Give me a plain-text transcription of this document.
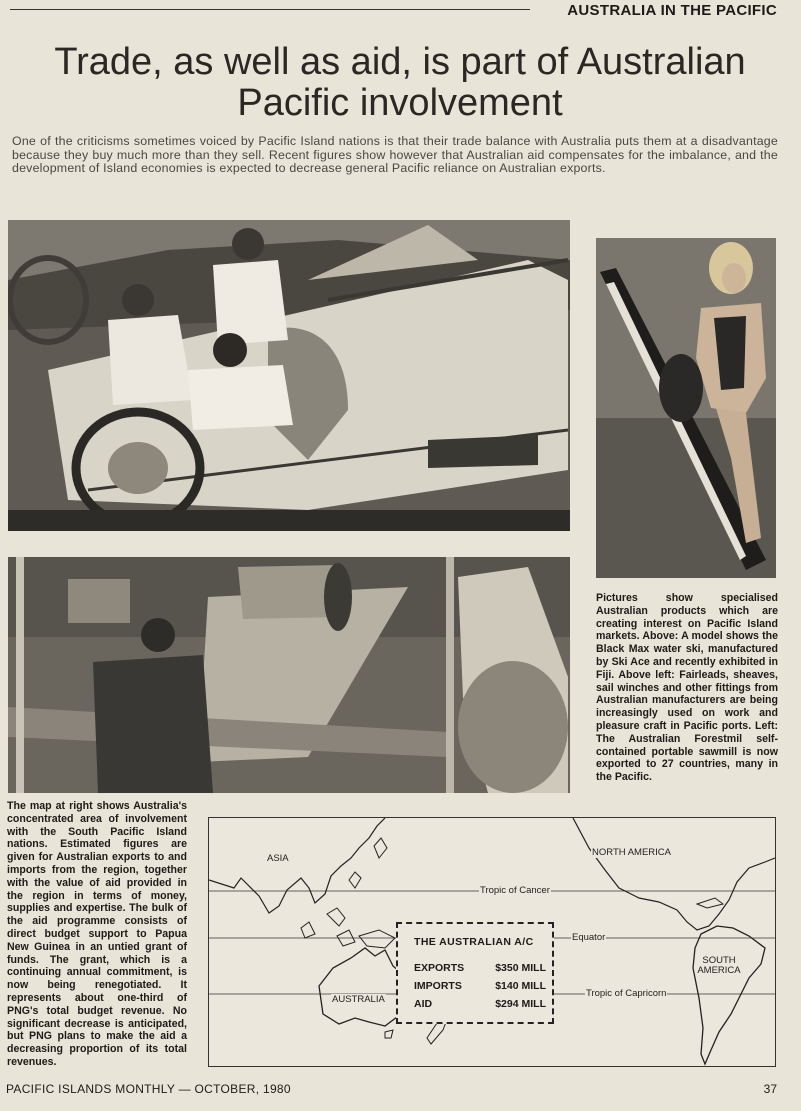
AUSTRALIA IN THE PACIFIC
Trade, as well as aid, is part of Australian
Pacific involvement
One of the criticisms sometimes voiced by Pacific Island nations is that their trade balance with Australia puts them at a disadvantage because they buy much more than they sell. Recent figures show however that Australian aid compensates for the imbalance, and the development of Island economies is expected to decrease general Pacific reliance on Australian exports.
Pictures show specialised Australian products which are creating interest on Pacific Island markets. Above: A model shows the Black Max water ski, manufactured by Ski Ace and recently exhibited in Fiji. Above left: Fairleads, sheaves, sail winches and other fittings from Australian manufacturers are being increasingly used on work and pleasure craft in Pacific ports. Left: The Australian Forestmil self-contained portable sawmill is now exported to 27 countries, many in the Pacific.
The map at right shows Australia's concentrated area of involvement with the South Pacific Island nations. Estimated figures are given for Australian exports to and imports from the region, together with the value of aid provided in the region in terms of money, supplies and expertise. The bulk of the aid programme consists of direct budget support to Papua New Guinea in an untied grant of funds. The grant, which is a continuing annual commitment, is now being renegotiated. It represents about one-third of PNG's total budget revenue. No significant decrease is anticipated, but PNG plans to make the aid a decreasing proportion of its total revenues.
ASIA
NORTH AMERICA
SOUTH AMERICA
AUSTRALIA
Tropic of Cancer
Equator
Tropic of Capricorn
THE AUSTRALIAN A/C
EXPORTS	$350 MILL
IMPORTS	$140 MILL
AID	$294 MILL
PACIFIC ISLANDS MONTHLY — OCTOBER, 1980	37
